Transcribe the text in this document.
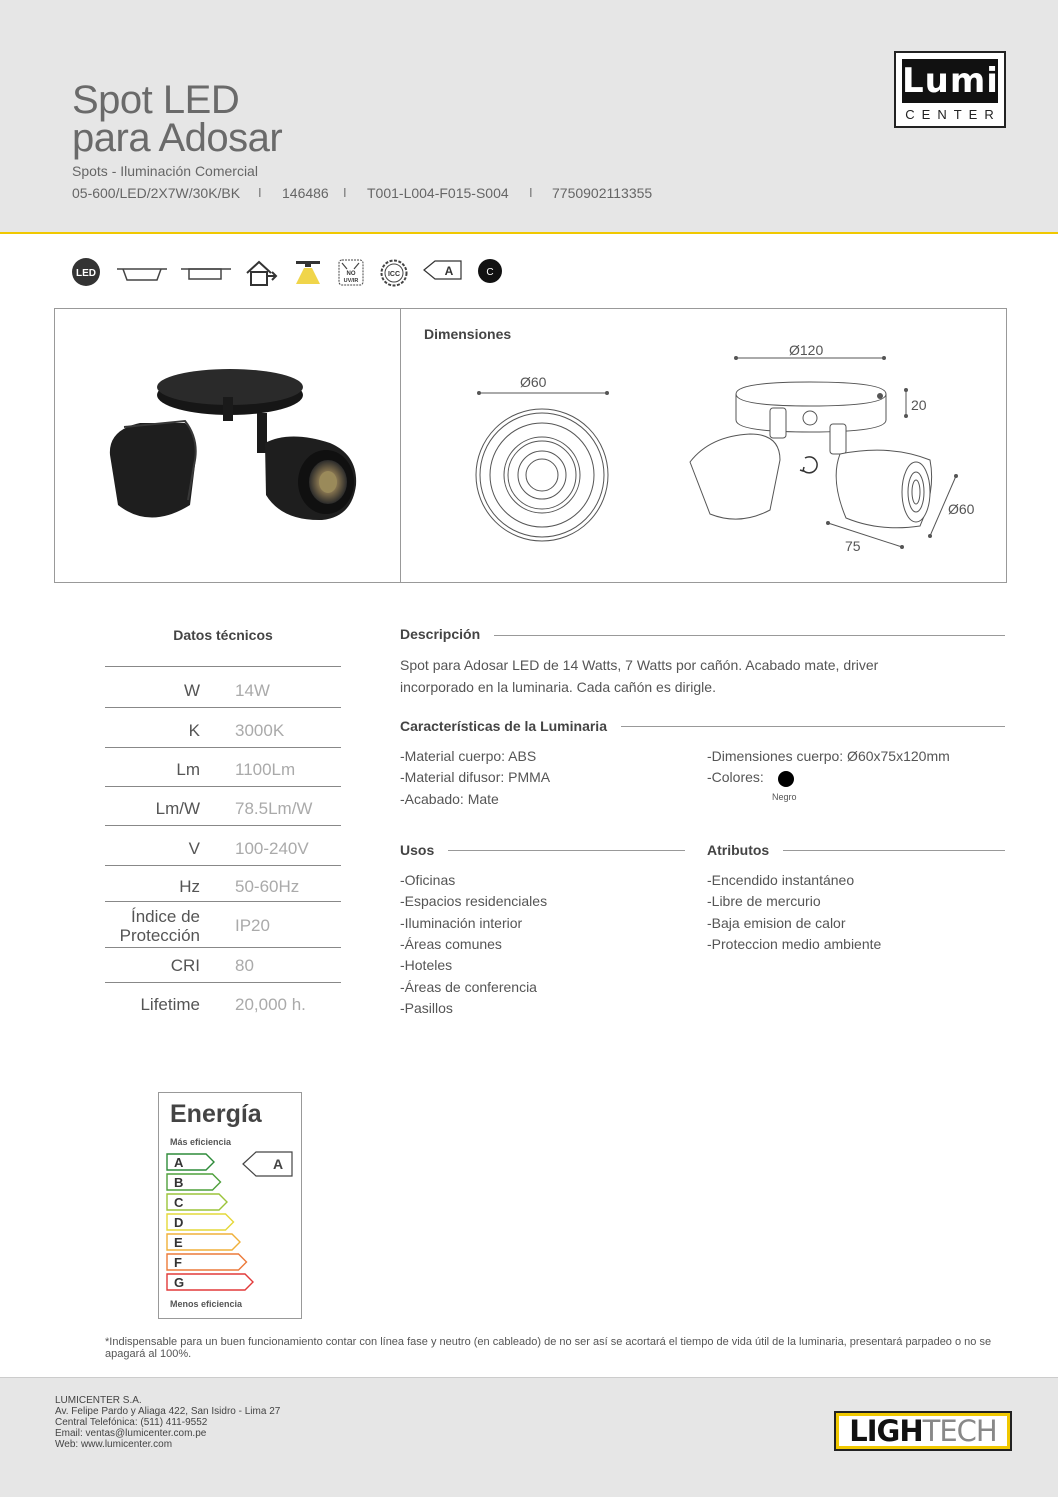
Spot LED
para Adosar
Spots - Iluminación Comercial
05-600/LED/2X7W/30K/BK I 146486 I T001-L004-F015-S004 I 7750902113355
Lumi
CENTER
LED	NO
UV/IR
ICC	A	C
Dimensiones
Ø60
Ø120
20
Ø60
75
Datos técnicos
W 14W
K 3000K
Lm 1100Lm
Lm/W 78.5Lm/W
V 100-240V
Hz 50-60Hz
Índice de
Protección
IP20
CRI 80
Lifetime 20,000 h.
Descripción
Spot para Adosar LED de 14 Watts, 7 Watts por cañón. Acabado mate, driver
incorporado en la luminaria. Cada cañón es dirigle.
Características de la Luminaria
-Material cuerpo: ABS
-Material difusor: PMMA
-Acabado: Mate
-Dimensiones cuerpo: Ø60x75x120mm
-Colores:
Negro
Usos	Atributos
-Oficinas
-Espacios residenciales
-Iluminación interior
-Áreas comunes
-Hoteles
-Áreas de conferencia
-Pasillos
-Encendido instantáneo
-Libre de mercurio
-Baja emision de calor
-Proteccion medio ambiente
Energía
Más eficiencia
Menos eficiencia
A
B
C
D
E
F
G
A
*Indispensable para un buen funcionamiento contar con línea fase y neutro (en cableado) de no ser así se acortará el tiempo de vida útil de la luminaria, presentará parpadeo o no se apagará al 100%.
LUMICENTER S.A.
Av. Felipe Pardo y Aliaga 422, San Isidro - Lima 27
Central Telefónica: (511) 411-9552
Email: ventas@lumicenter.com.pe
Web: www.lumicenter.com	LIGHTECH
